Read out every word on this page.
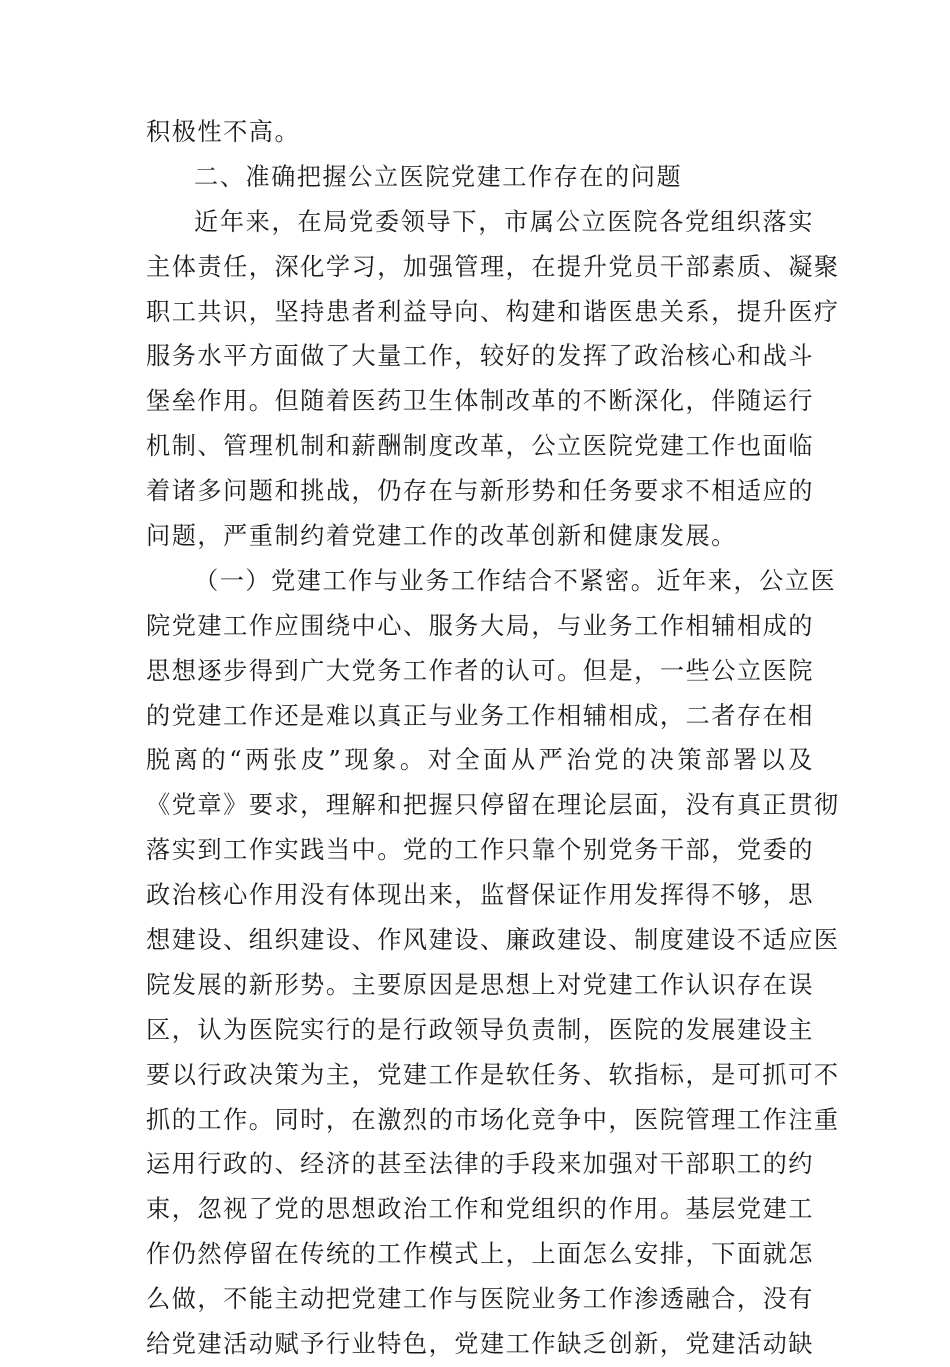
积极性不高。
二、准确把握公立医院党建工作存在的问题
近年来，在局党委领导下，市属公立医院各党组织落实
主体责任，深化学习，加强管理，在提升党员干部素质、凝聚
职工共识，坚持患者利益导向、构建和谐医患关系，提升医疗
服务水平方面做了大量工作，较好的发挥了政治核心和战斗
堡垒作用。但随着医药卫生体制改革的不断深化，伴随运行
机制、管理机制和薪酬制度改革，公立医院党建工作也面临
着诸多问题和挑战，仍存在与新形势和任务要求不相适应的
问题，严重制约着党建工作的改革创新和健康发展。
（一）党建工作与业务工作结合不紧密。近年来，公立医
院党建工作应围绕中心、服务大局，与业务工作相辅相成的
思想逐步得到广大党务工作者的认可。但是，一些公立医院
的党建工作还是难以真正与业务工作相辅相成，二者存在相
脱离的“两张皮”现象。对全面从严治党的决策部署以及
《党章》要求，理解和把握只停留在理论层面，没有真正贯彻
落实到工作实践当中。党的工作只靠个别党务干部，党委的
政治核心作用没有体现出来，监督保证作用发挥得不够，思
想建设、组织建设、作风建设、廉政建设、制度建设不适应医
院发展的新形势。主要原因是思想上对党建工作认识存在误
区，认为医院实行的是行政领导负责制，医院的发展建设主
要以行政决策为主，党建工作是软任务、软指标，是可抓可不
抓的工作。同时，在激烈的市场化竞争中，医院管理工作注重
运用行政的、经济的甚至法律的手段来加强对干部职工的约
束，忽视了党的思想政治工作和党组织的作用。基层党建工
作仍然停留在传统的工作模式上，上面怎么安排，下面就怎
么做，不能主动把党建工作与医院业务工作渗透融合，没有
给党建活动赋予行业特色，党建工作缺乏创新，党建活动缺
